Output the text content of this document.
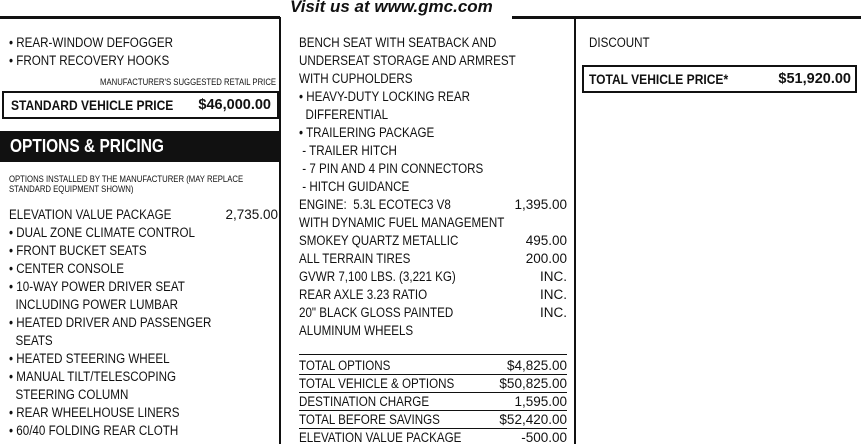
Visit us at www.gmc.com
• REAR-WINDOW DEFOGGER
• FRONT RECOVERY HOOKS
MANUFACTURER'S SUGGESTED RETAIL PRICE
STANDARD VEHICLE PRICE $46,000.00
OPTIONS & PRICING
OPTIONS INSTALLED BY THE MANUFACTURER (MAY REPLACE
STANDARD EQUIPMENT SHOWN)
ELEVATION VALUE PACKAGE	2,735.00
• DUAL ZONE CLIMATE CONTROL
• FRONT BUCKET SEATS
• CENTER CONSOLE
• 10-WAY POWER DRIVER SEAT
INCLUDING POWER LUMBAR
• HEATED DRIVER AND PASSENGER
SEATS
• HEATED STEERING WHEEL
• MANUAL TILT/TELESCOPING
STEERING COLUMN
• REAR WHEELHOUSE LINERS
• 60/40 FOLDING REAR CLOTH
BENCH SEAT WITH SEATBACK AND
UNDERSEAT STORAGE AND ARMREST
WITH CUPHOLDERS
• HEAVY-DUTY LOCKING REAR
DIFFERENTIAL
• TRAILERING PACKAGE
- TRAILER HITCH
- 7 PIN AND 4 PIN CONNECTORS
- HITCH GUIDANCE
ENGINE:  5.3L ECOTEC3 V8	1,395.00
WITH DYNAMIC FUEL MANAGEMENT
SMOKEY QUARTZ METALLIC	495.00
ALL TERRAIN TIRES	200.00
GVWR 7,100 LBS. (3,221 KG)	INC.
REAR AXLE 3.23 RATIO	INC.
20" BLACK GLOSS PAINTED	INC.
ALUMINUM WHEELS
TOTAL OPTIONS	$4,825.00
TOTAL VEHICLE & OPTIONS	$50,825.00
DESTINATION CHARGE	1,595.00
TOTAL BEFORE SAVINGS	$52,420.00
ELEVATION VALUE PACKAGE	-500.00
DISCOUNT
TOTAL VEHICLE PRICE*	$51,920.00
